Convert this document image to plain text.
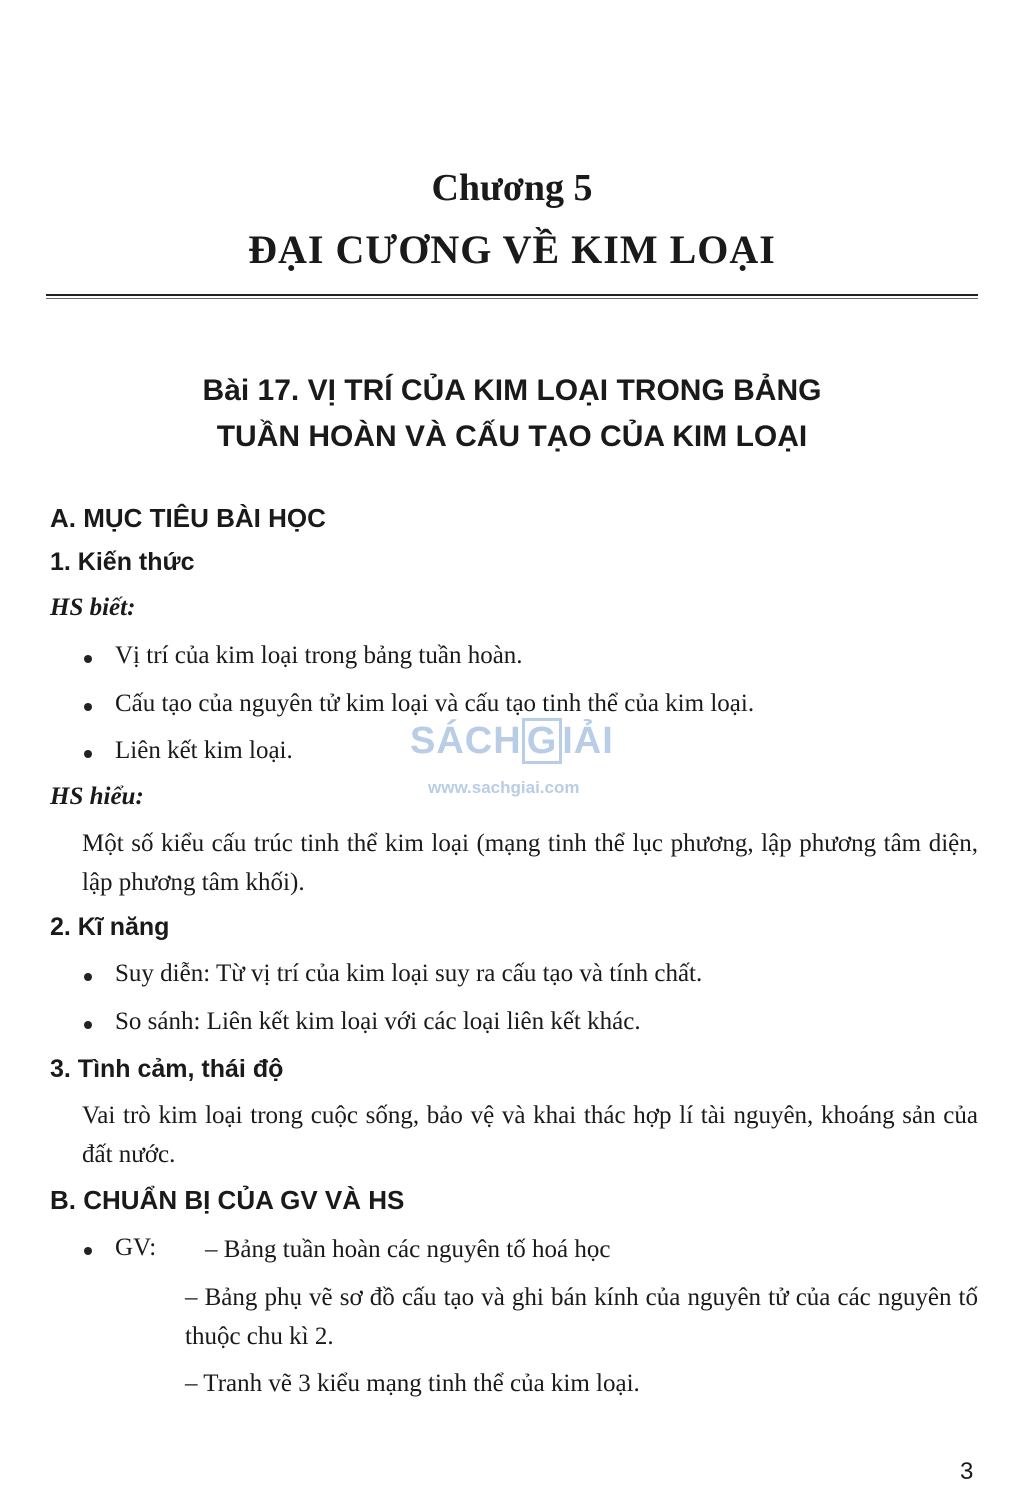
Chương 5
ĐẠI CƯƠNG VỀ KIM LOẠI
Bài 17. VỊ TRÍ CỦA KIM LOẠI TRONG BẢNG
TUẦN HOÀN VÀ CẤU TẠO CỦA KIM LOẠI
A. MỤC TIÊU BÀI HỌC
1. Kiến thức
HS biết:
Vị trí của kim loại trong bảng tuần hoàn.
Cấu tạo của nguyên tử kim loại và cấu tạo tinh thể của kim loại.
Liên kết kim loại.
HS hiểu:
Một số kiểu cấu trúc tinh thể kim loại (mạng tinh thể lục phương, lập phương tâm diện, lập phương tâm khối).
2. Kĩ năng
Suy diễn: Từ vị trí của kim loại suy ra cấu tạo và tính chất.
So sánh: Liên kết kim loại với các loại liên kết khác.
3. Tình cảm, thái độ
Vai trò kim loại trong cuộc sống, bảo vệ và khai thác hợp lí tài nguyên, khoáng sản của đất nước.
B. CHUẨN BỊ CỦA GV VÀ HS
GV: – Bảng tuần hoàn các nguyên tố hoá học
– Bảng phụ vẽ sơ đồ cấu tạo và ghi bán kính của nguyên tử của các nguyên tố thuộc chu kì 2.
– Tranh vẽ 3 kiểu mạng tinh thể của kim loại.
SÁCH G IẢI
www.sachgiai.com
3
